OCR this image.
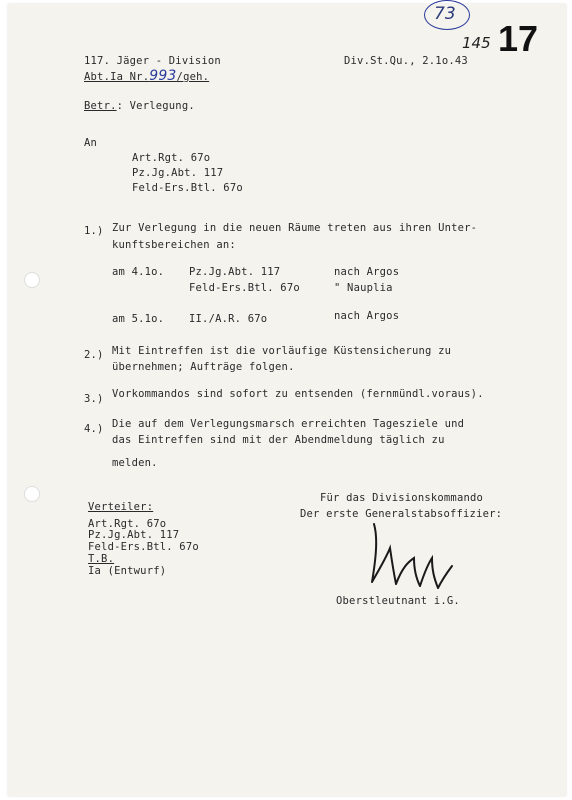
73
145 17
117. Jäger - Division
Abt.Ia Nr.993/geh.
Div.St.Qu., 2.1o.43
Betr.: Verlegung.
An
Art.Rgt. 67o
Pz.Jg.Abt. 117
Feld-Ers.Btl. 67o
1.) Zur Verlegung in die neuen Räume treten aus ihren Unter-
kunftsbereichen an:
am 4.1o. Pz.Jg.Abt. 117	nach Argos
Feld-Ers.Btl. 67o	" Nauplia
am 5.1o. II./A.R. 67o	nach Argos
2.) Mit Eintreffen ist die vorläufige Küstensicherung zu
übernehmen; Aufträge folgen.
3.) Vorkommandos sind sofort zu entsenden (fernmündl.voraus).
4.) Die auf dem Verlegungsmarsch erreichten Tagesziele und
das Eintreffen sind mit der Abendmeldung täglich zu
melden.
Verteiler:
Art.Rgt. 67o
Pz.Jg.Abt. 117
Feld-Ers.Btl. 67o
T.B.
Ia (Entwurf)
Für das Divisionskommando
Der erste Generalstabsoffizier:
Oberstleutnant i.G.
